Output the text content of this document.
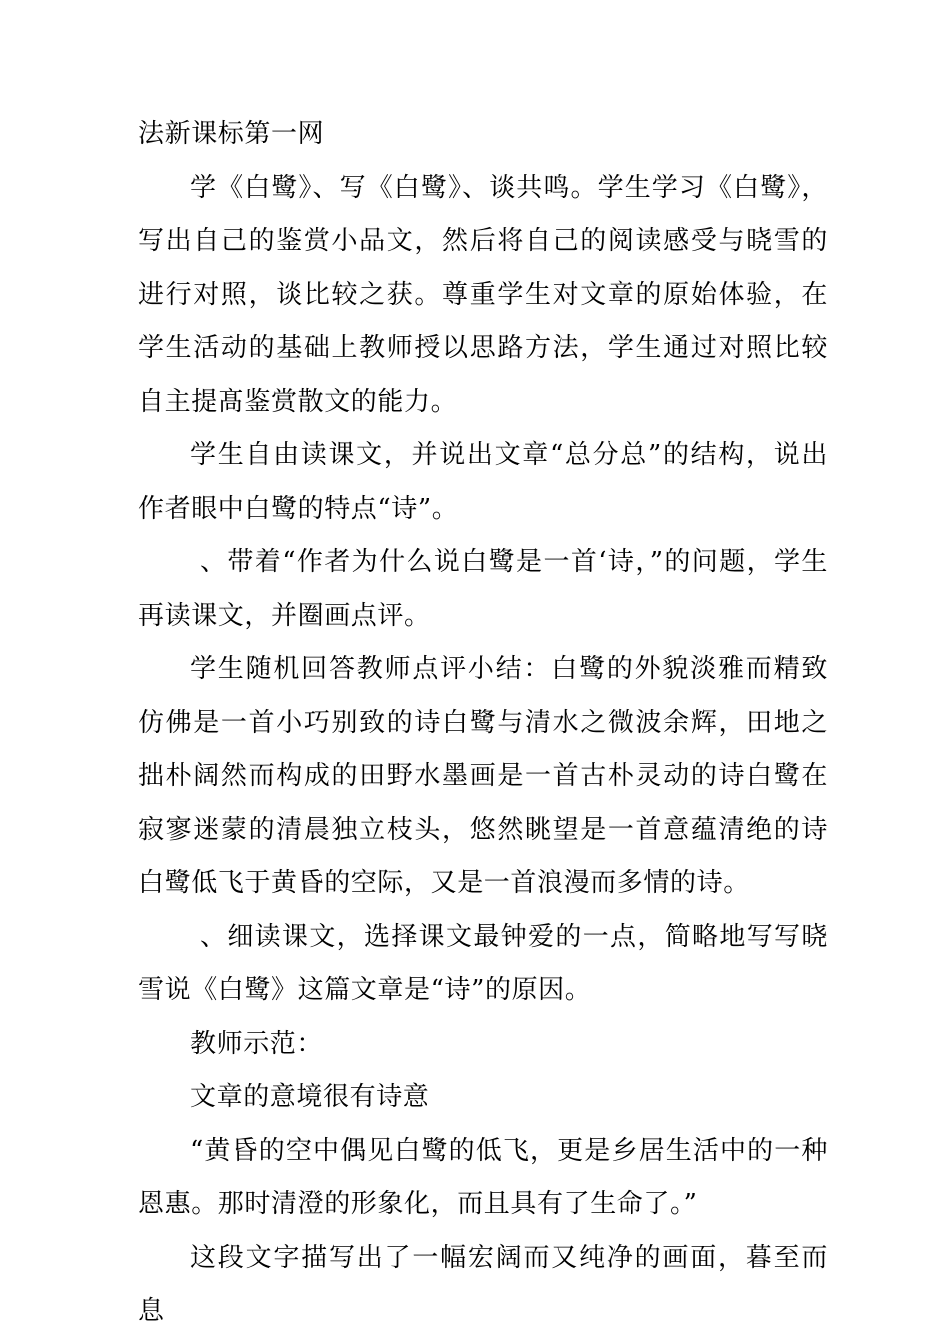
法新课标第一网

学《白鹭》、写《白鹭》、谈共鸣。学生学习《白鹭》，写出自己的鉴赏小品文，然后将自己的阅读感受与晓雪的进行对照，谈比较之获。尊重学生对文章的原始体验，在学生活动的基础上教师授以思路方法，学生通过对照比较自主提髙鉴赏散文的能力。

学生自由读课文，并说出文章“总分总”的结构，说出作者眼中白鹭的特点“诗”。

、带着“作者为什么说白鹭是一首‘诗，”的问题，学生再读课文，并圈画点评。

学生随机回答教师点评小结：白鹭的外貌淡雅而精致仿佛是一首小巧别致的诗白鹭与清水之微波余辉，田地之拙朴阔然而构成的田野水墨画是一首古朴灵动的诗白鹭在寂寥迷蒙的清晨独立枝头，悠然眺望是一首意蕴清绝的诗白鹭低飞于黄昏的空际，又是一首浪漫而多情的诗。

、细读课文，选择课文最钟爱的一点，简略地写写晓雪说《白鹭》这篇文章是“诗”的原因。

教师示范：

文章的意境很有诗意

“黄昏的空中偶见白鹭的低飞，更是乡居生活中的一种恩惠。那时清澄的形象化，而且具有了生命了。”

这段文字描写出了一幅宏阔而又纯净的画面，暮至而息
